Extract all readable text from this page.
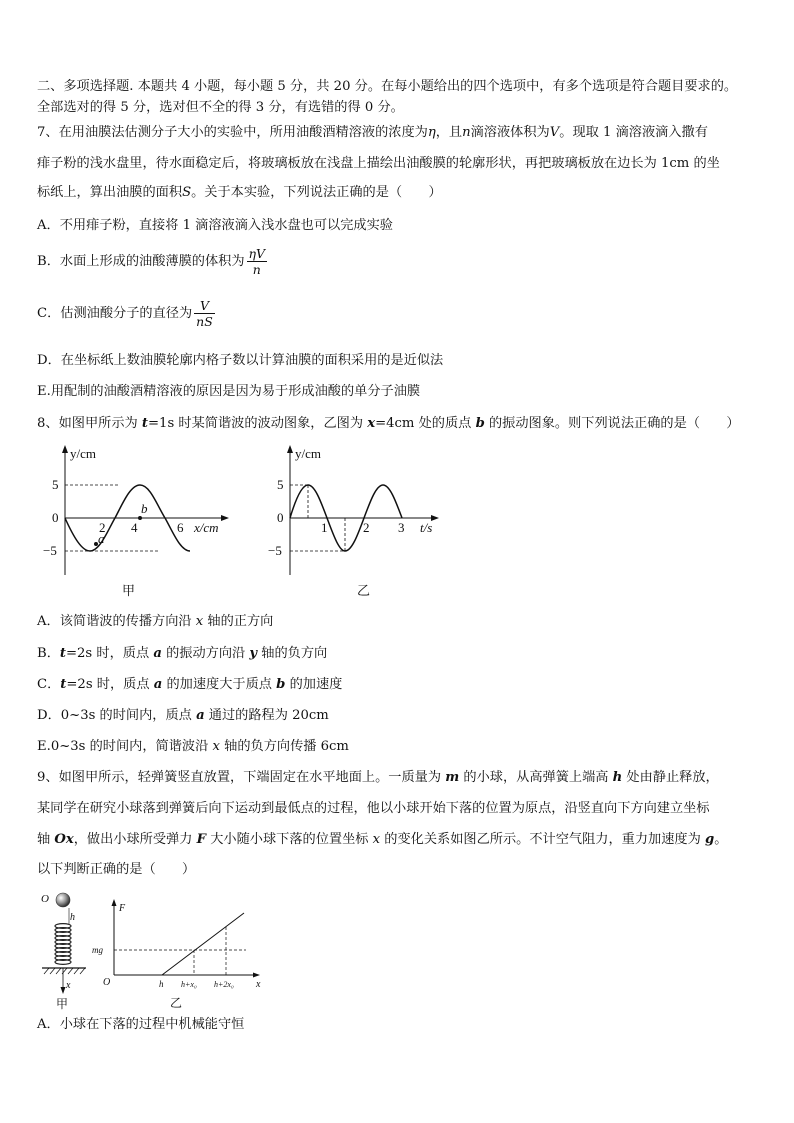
二、多项选择题. 本题共 4 小题，每小题 5 分，共 20 分。在每小题给出的四个选项中，有多个选项是符合题目要求的。
全部选对的得 5 分，选对但不全的得 3 分，有选错的得 0 分。
7、在用油膜法估测分子大小的实验中，所用油酸酒精溶液的浓度为η，且n滴溶液体积为V。现取 1 滴溶液滴入撒有
痱子粉的浅水盘里，待水面稳定后，将玻璃板放在浅盘上描绘出油酸膜的轮廓形状，再把玻璃板放在边长为 1cm 的坐
标纸上，算出油膜的面积S。关于本实验，下列说法正确的是（　　）
A．不用痱子粉，直接将 1 滴溶液滴入浅水盘也可以完成实验
B．水面上形成的油酸薄膜的体积为 $\frac{\eta V}{n}$
C．估测油酸分子的直径为 $\frac{V}{nS}$
D．在坐标纸上数油膜轮廓内格子数以计算油膜的面积采用的是近似法
E.用配制的油酸酒精溶液的原因是因为易于形成油酸的单分子油膜
8、如图甲所示为 t=1s 时某简谐波的波动图象，乙图为 x=4cm 处的质点 b 的振动图象。则下列说法正确的是（　　）
y/cm
5
0
−5
2 4	6 x/cm
b
a
甲
y/cm
5
0
−5
1	2 3 t/s
乙
A．该简谐波的传播方向沿 x 轴的正方向
B．t=2s 时，质点 a 的振动方向沿 y 轴的负方向
C．t=2s 时，质点 a 的加速度大于质点 b 的加速度
D．0~3s 的时间内，质点 a 通过的路程为 20cm
E.0~3s 的时间内，简谐波沿 x 轴的负方向传播 6cm
9、如图甲所示，轻弹簧竖直放置，下端固定在水平地面上。一质量为 m 的小球，从高弹簧上端高 h 处由静止释放，
某同学在研究小球落到弹簧后向下运动到最低点的过程，他以小球开始下落的位置为原点，沿竖直向下方向建立坐标
轴 Ox，做出小球所受弹力 F 大小随小球下落的位置坐标 x 的变化关系如图乙所示。不计空气阻力，重力加速度为 g。
以下判断正确的是（　　）
O
h
x
甲
F
mg
O	h h+x₀ h+2x₀ x
乙
A．小球在下落的过程中机械能守恒
